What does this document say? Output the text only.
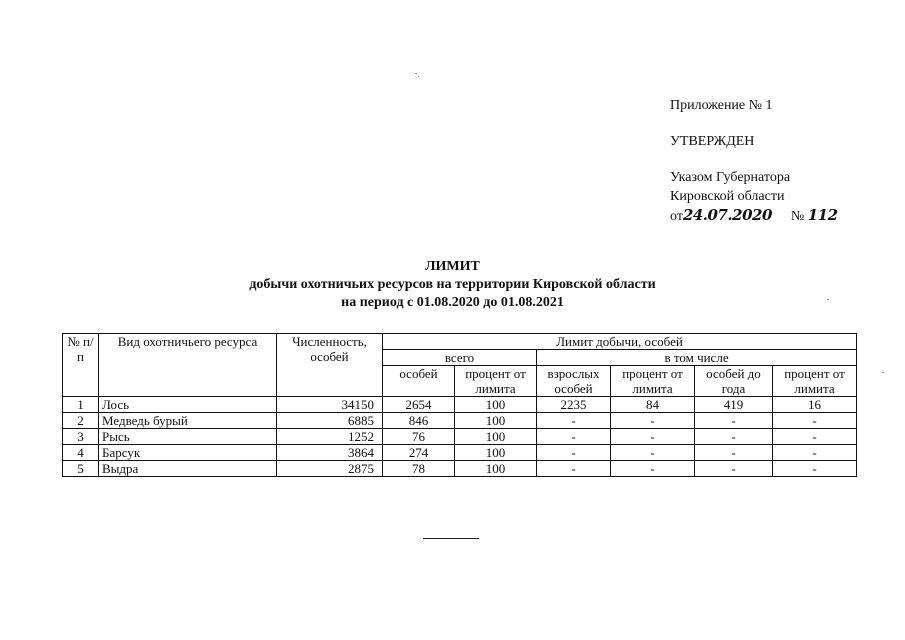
Приложение № 1
УТВЕРЖДЕН
Указом Губернатора
Кировской области
от24.07.2020 № 112
ЛИМИТ
добычи охотничьих ресурсов на территории Кировской области
на период с 01.08.2020 до 01.08.2021
№ п/п	Вид охотничьего ресурса	Численность, особей	Лимит добычи, особей					
			всего		в том числе			
			особей	процент от лимита	взрослых особей	процент от лимита	особей до года	процент от лимита
1	Лось	34150	2654	100	2235	84	419	16
2	Медведь бурый	6885	846	100	-	-	-	-
3	Рысь	1252	76	100	-	-	-	-
4	Барсук	3864	274	100	-	-	-	-
5	Выдра	2875	78	100	-	-	-	-
